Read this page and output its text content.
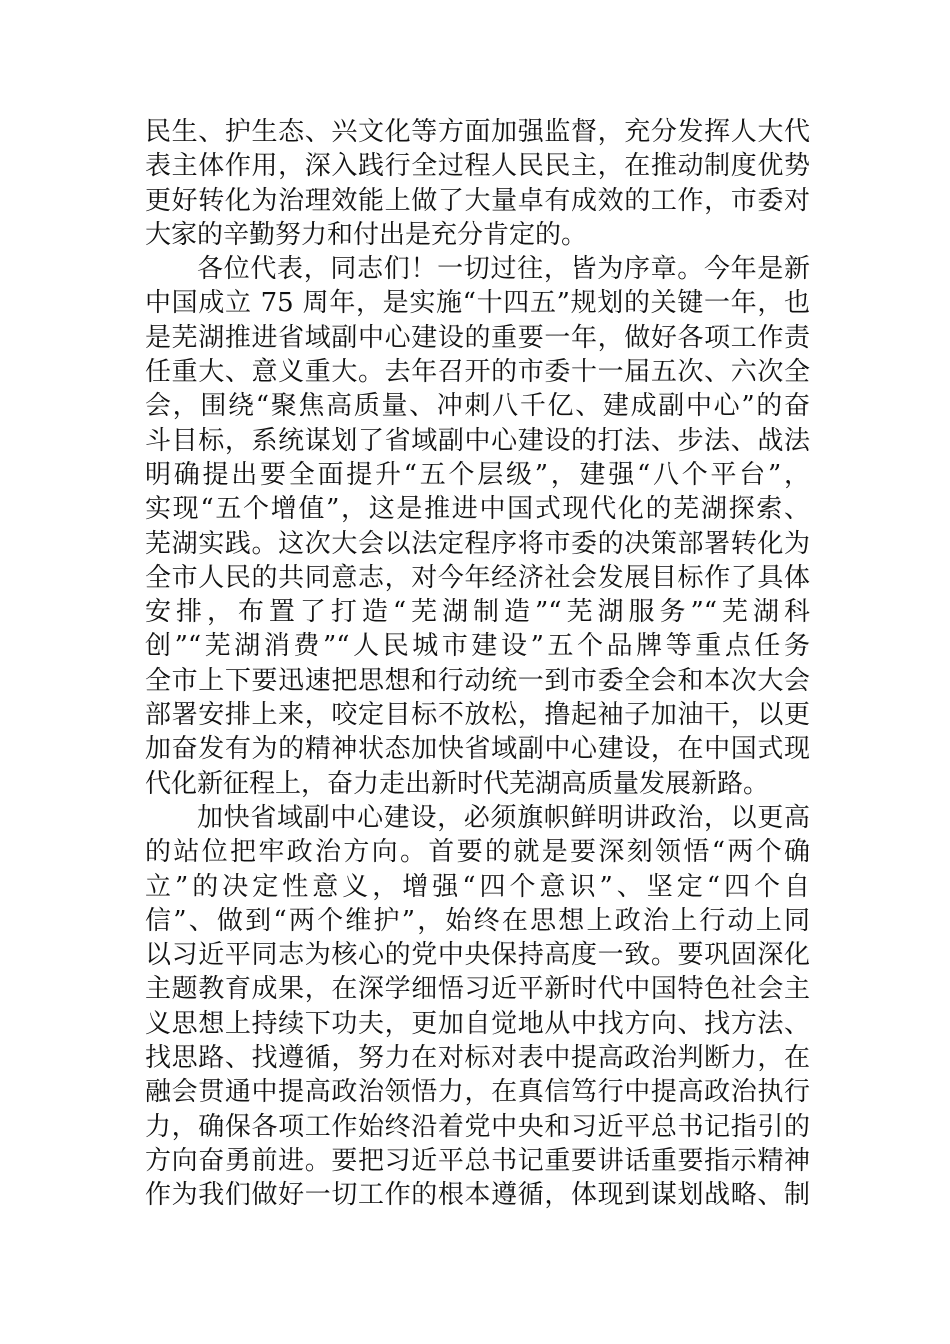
民生、护生态、兴文化等方面加强监督，充分发挥人大代
表主体作用，深入践行全过程人民民主，在推动制度优势
更好转化为治理效能上做了大量卓有成效的工作，市委对
大家的辛勤努力和付出是充分肯定的。
各位代表，同志们！一切过往，皆为序章。今年是新
中国成立 75 周年，是实施“十四五”规划的关键一年，也
是芜湖推进省域副中心建设的重要一年，做好各项工作责
任重大、意义重大。去年召开的市委十一届五次、六次全
会，围绕“聚焦高质量、冲刺八千亿、建成副中心”的奋
斗目标，系统谋划了省域副中心建设的打法、步法、战法
明确提出要全面提升“五个层级”，建强“八个平台”，
实现“五个增值”，这是推进中国式现代化的芜湖探索、
芜湖实践。这次大会以法定程序将市委的决策部署转化为
全市人民的共同意志，对今年经济社会发展目标作了具体
安排，布置了打造“芜湖制造”“芜湖服务”“芜湖科
创”“芜湖消费”“人民城市建设”五个品牌等重点任务
全市上下要迅速把思想和行动统一到市委全会和本次大会
部署安排上来，咬定目标不放松，撸起袖子加油干，以更
加奋发有为的精神状态加快省域副中心建设，在中国式现
代化新征程上，奋力走出新时代芜湖高质量发展新路。
加快省域副中心建设，必须旗帜鲜明讲政治，以更高
的站位把牢政治方向。首要的就是要深刻领悟“两个确
立”的决定性意义，增强“四个意识”、坚定“四个自
信”、做到“两个维护”，始终在思想上政治上行动上同
以习近平同志为核心的党中央保持高度一致。要巩固深化
主题教育成果，在深学细悟习近平新时代中国特色社会主
义思想上持续下功夫，更加自觉地从中找方向、找方法、
找思路、找遵循，努力在对标对表中提高政治判断力，在
融会贯通中提高政治领悟力，在真信笃行中提高政治执行
力，确保各项工作始终沿着党中央和习近平总书记指引的
方向奋勇前进。要把习近平总书记重要讲话重要指示精神
作为我们做好一切工作的根本遵循，体现到谋划战略、制
